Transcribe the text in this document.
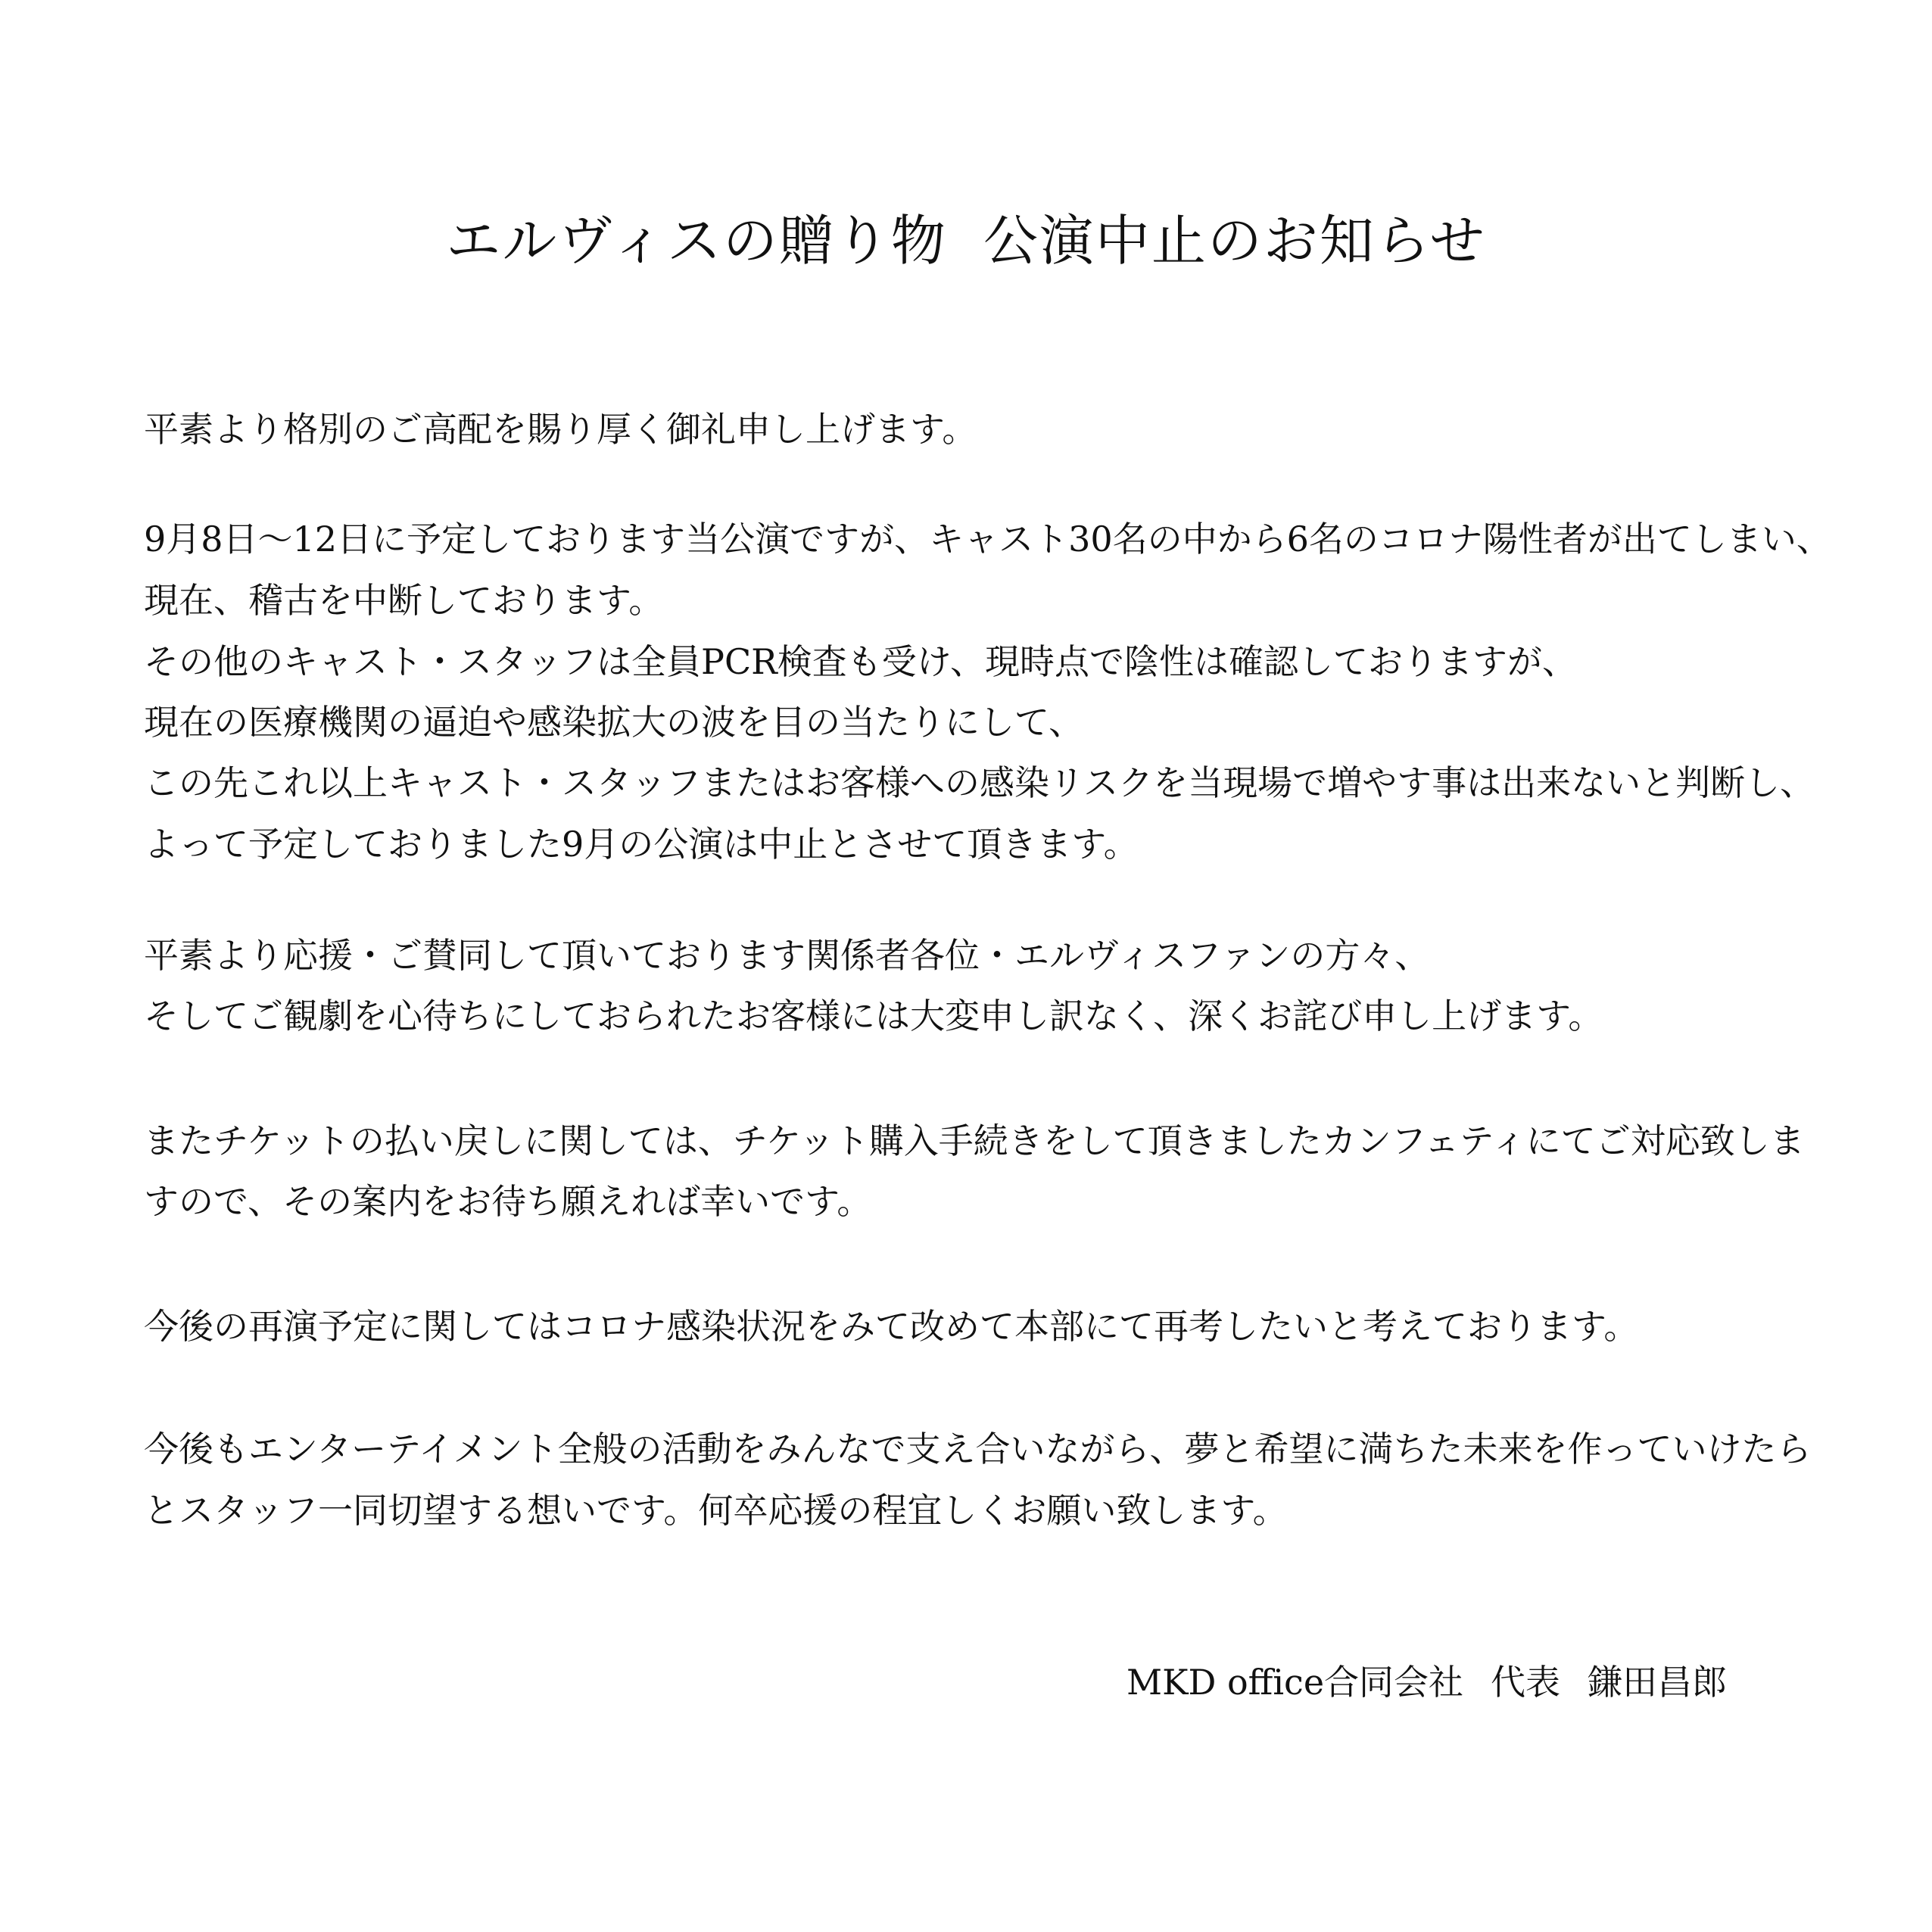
エルヴィスの贈り物 公演中止のお知らせ
平素より格別のご高配を賜り厚く御礼申し上げます。
9月8日～12日に予定しております当公演ですが、キャスト30名の中から6名のコロナ陽性者が出てしまい、
現在、稽古を中断しております。
その他のキャスト・スタッフは全員PCR検査も受け、現時点で陰性は確認しておりますが、
現在の医療機関の逼迫や感染拡大の波を目の当たりにして、
この先これ以上キャスト・スタッフまたはお客様への感染リスクを当現場で増やす事は出来ないと判断し、
よって予定しておりました9月の公演は中止とさせて頂きます。
平素より応援・ご賛同して頂いております関係者各位・エルヴィスファンの方々、
そしてご観劇を心待ちにしておられたお客様には大変申し訳なく、深くお詫び申し上げます。
またチケットの払い戻しに関しては、チケット購入手続きをして頂きましたカンフェティにてご対応致しま
すので、その案内をお待ち願えれば幸いです。
今後の再演予定に関してはコロナ感染状況をみて改めて本部にて再考したいと考えております。
今後もエンターテイメント全般の活動をみんなで支え合いながら、夢と希望に満ちた未来を作っていけたら
とスタッフ一同切望する想いです。何卒応援の程宜しくお願い致します。
MKD office合同会社 代表 鎌田昌郎
